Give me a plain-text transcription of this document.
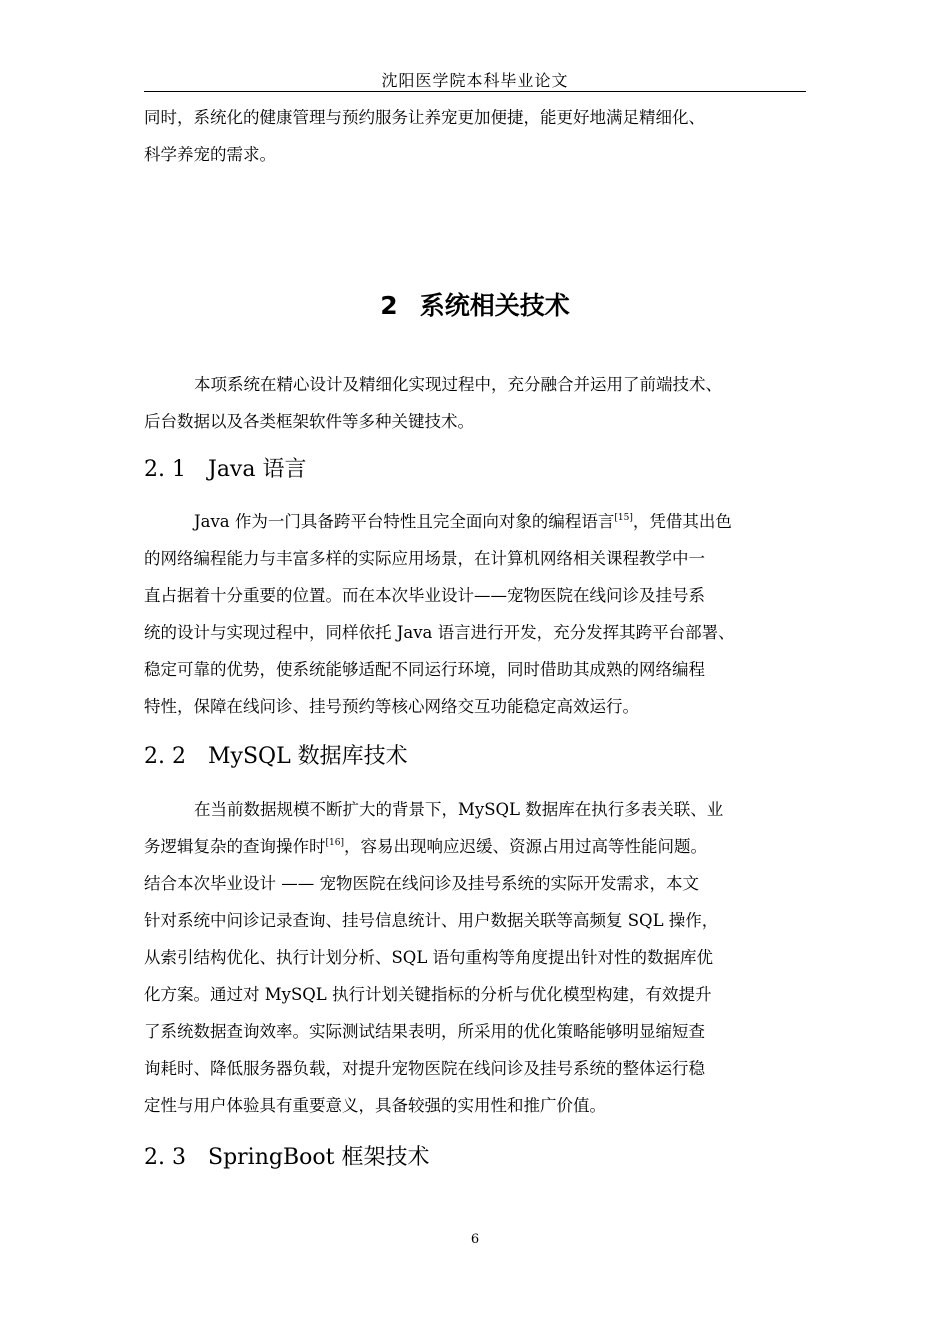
沈阳医学院本科毕业论文
同时，系统化的健康管理与预约服务让养宠更加便捷，能更好地满足精细化、
科学养宠的需求。
2 系统相关技术
本项系统在精心设计及精细化实现过程中，充分融合并运用了前端技术、
后台数据以及各类框架软件等多种关键技术。
2. 1 Java 语言
Java 作为一门具备跨平台特性且完全面向对象的编程语言[15]，凭借其出色
的网络编程能力与丰富多样的实际应用场景，在计算机网络相关课程教学中一
直占据着十分重要的位置。而在本次毕业设计——宠物医院在线问诊及挂号系
统的设计与实现过程中，同样依托 Java 语言进行开发，充分发挥其跨平台部署、
稳定可靠的优势，使系统能够适配不同运行环境，同时借助其成熟的网络编程
特性，保障在线问诊、挂号预约等核心网络交互功能稳定高效运行。
2. 2 MySQL 数据库技术
在当前数据规模不断扩大的背景下，MySQL 数据库在执行多表关联、业
务逻辑复杂的查询操作时[16]，容易出现响应迟缓、资源占用过高等性能问题。
结合本次毕业设计 —— 宠物医院在线问诊及挂号系统的实际开发需求，本文
针对系统中问诊记录查询、挂号信息统计、用户数据关联等高频复 SQL 操作，
从索引结构优化、执行计划分析、SQL 语句重构等角度提出针对性的数据库优
化方案。通过对 MySQL 执行计划关键指标的分析与优化模型构建，有效提升
了系统数据查询效率。实际测试结果表明，所采用的优化策略能够明显缩短查
询耗时、降低服务器负载，对提升宠物医院在线问诊及挂号系统的整体运行稳
定性与用户体验具有重要意义，具备较强的实用性和推广价值。
2. 3 SpringBoot 框架技术
6
